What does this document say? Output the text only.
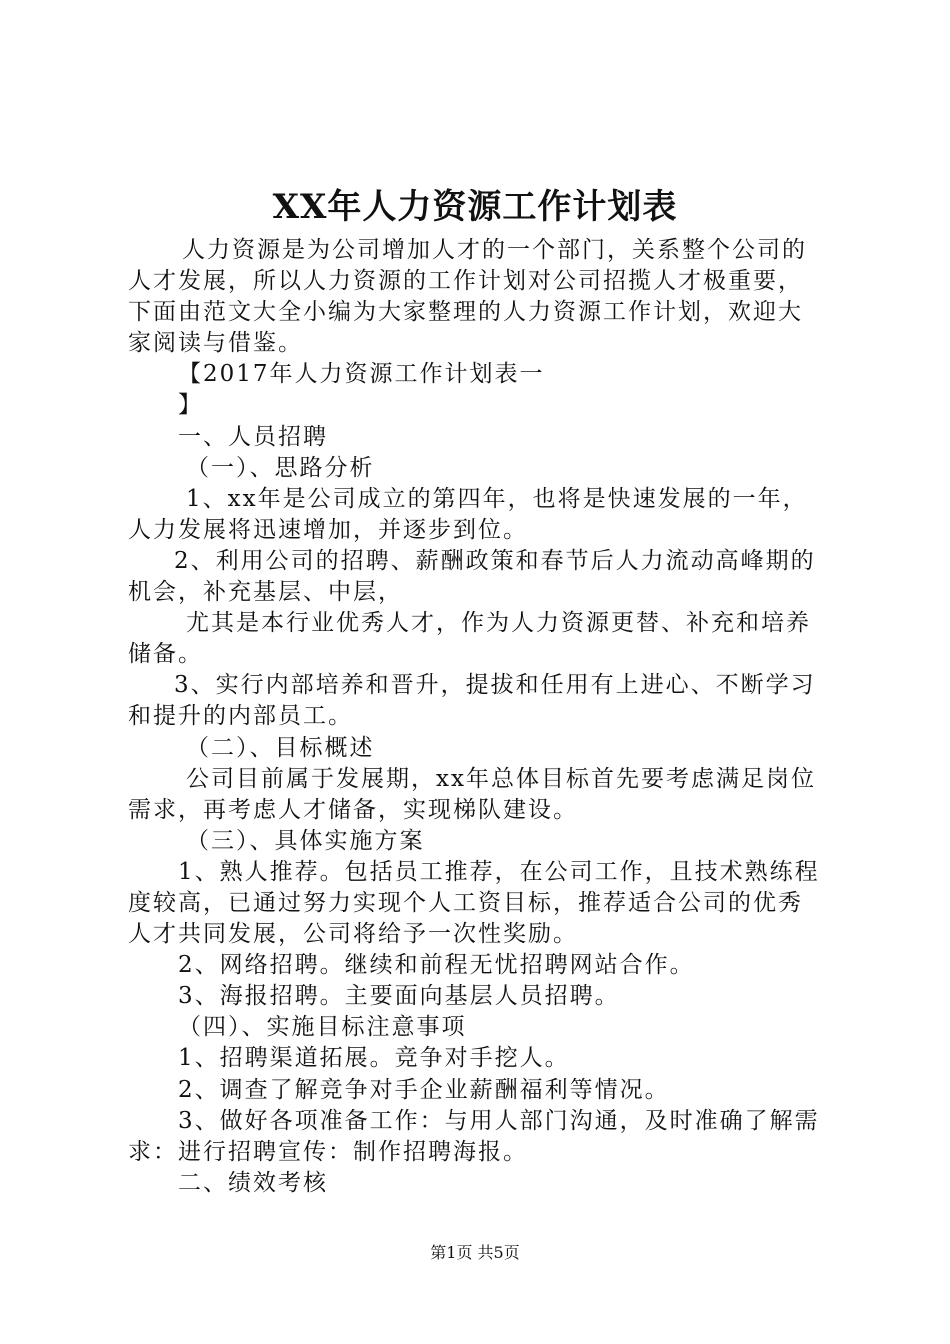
XX年人力资源工作计划表
人力资源是为公司增加人才的一个部门，关系整个公司的
人才发展，所以人力资源的工作计划对公司招揽人才极重要，
下面由范文大全小编为大家整理的人力资源工作计划，欢迎大
家阅读与借鉴。
【2017年人力资源工作计划表一
】
一、人员招聘
（一）、思路分析
1、xx年是公司成立的第四年，也将是快速发展的一年，
人力发展将迅速增加，并逐步到位。
2、利用公司的招聘、薪酬政策和春节后人力流动高峰期的
机会，补充基层、中层，
尤其是本行业优秀人才，作为人力资源更替、补充和培养
储备。
3、实行内部培养和晋升，提拔和任用有上进心、不断学习
和提升的内部员工。
（二）、目标概述
公司目前属于发展期，xx年总体目标首先要考虑满足岗位
需求，再考虑人才储备，实现梯队建设。
（三）、具体实施方案
1、熟人推荐。包括员工推荐，在公司工作，且技术熟练程
度较高，已通过努力实现个人工资目标，推荐适合公司的优秀
人才共同发展，公司将给予一次性奖励。
2、网络招聘。继续和前程无忧招聘网站合作。
3、海报招聘。主要面向基层人员招聘。
（四）、实施目标注意事项
1、招聘渠道拓展。竞争对手挖人。
2、调查了解竞争对手企业薪酬福利等情况。
3、做好各项准备工作：与用人部门沟通，及时准确了解需
求：进行招聘宣传：制作招聘海报。
二、绩效考核
第1页 共5页
